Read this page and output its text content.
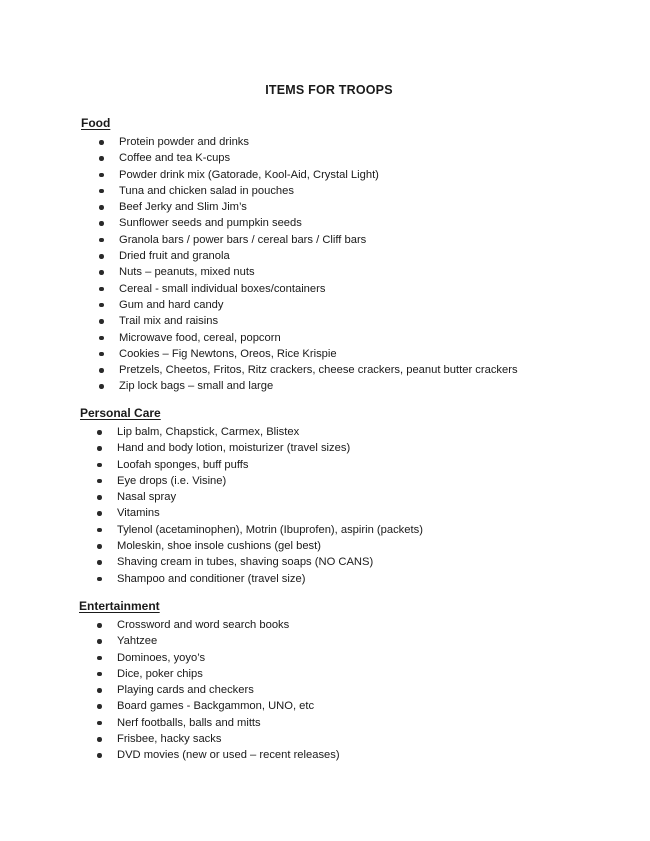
ITEMS FOR TROOPS
Food
Protein powder and drinks
Coffee and tea K-cups
Powder drink mix (Gatorade, Kool-Aid, Crystal Light)
Tuna and chicken salad in pouches
Beef Jerky and Slim Jim’s
Sunflower seeds and pumpkin seeds
Granola bars / power bars / cereal bars / Cliff bars
Dried fruit and granola
Nuts – peanuts, mixed nuts
Cereal - small individual boxes/containers
Gum and hard candy
Trail mix and raisins
Microwave food, cereal, popcorn
Cookies – Fig Newtons, Oreos, Rice Krispie
Pretzels, Cheetos, Fritos, Ritz crackers, cheese crackers, peanut butter crackers
Zip lock bags – small and large
Personal Care
Lip balm, Chapstick, Carmex, Blistex
Hand and body lotion, moisturizer (travel sizes)
Loofah sponges, buff puffs
Eye drops (i.e. Visine)
Nasal spray
Vitamins
Tylenol (acetaminophen), Motrin (Ibuprofen), aspirin (packets)
Moleskin, shoe insole cushions (gel best)
Shaving cream in tubes, shaving soaps (NO CANS)
Shampoo and conditioner (travel size)
Entertainment
Crossword and word search books
Yahtzee
Dominoes, yoyo’s
Dice, poker chips
Playing cards and checkers
Board games - Backgammon, UNO, etc
Nerf footballs, balls and mitts
Frisbee, hacky sacks
DVD movies (new or used – recent releases)
